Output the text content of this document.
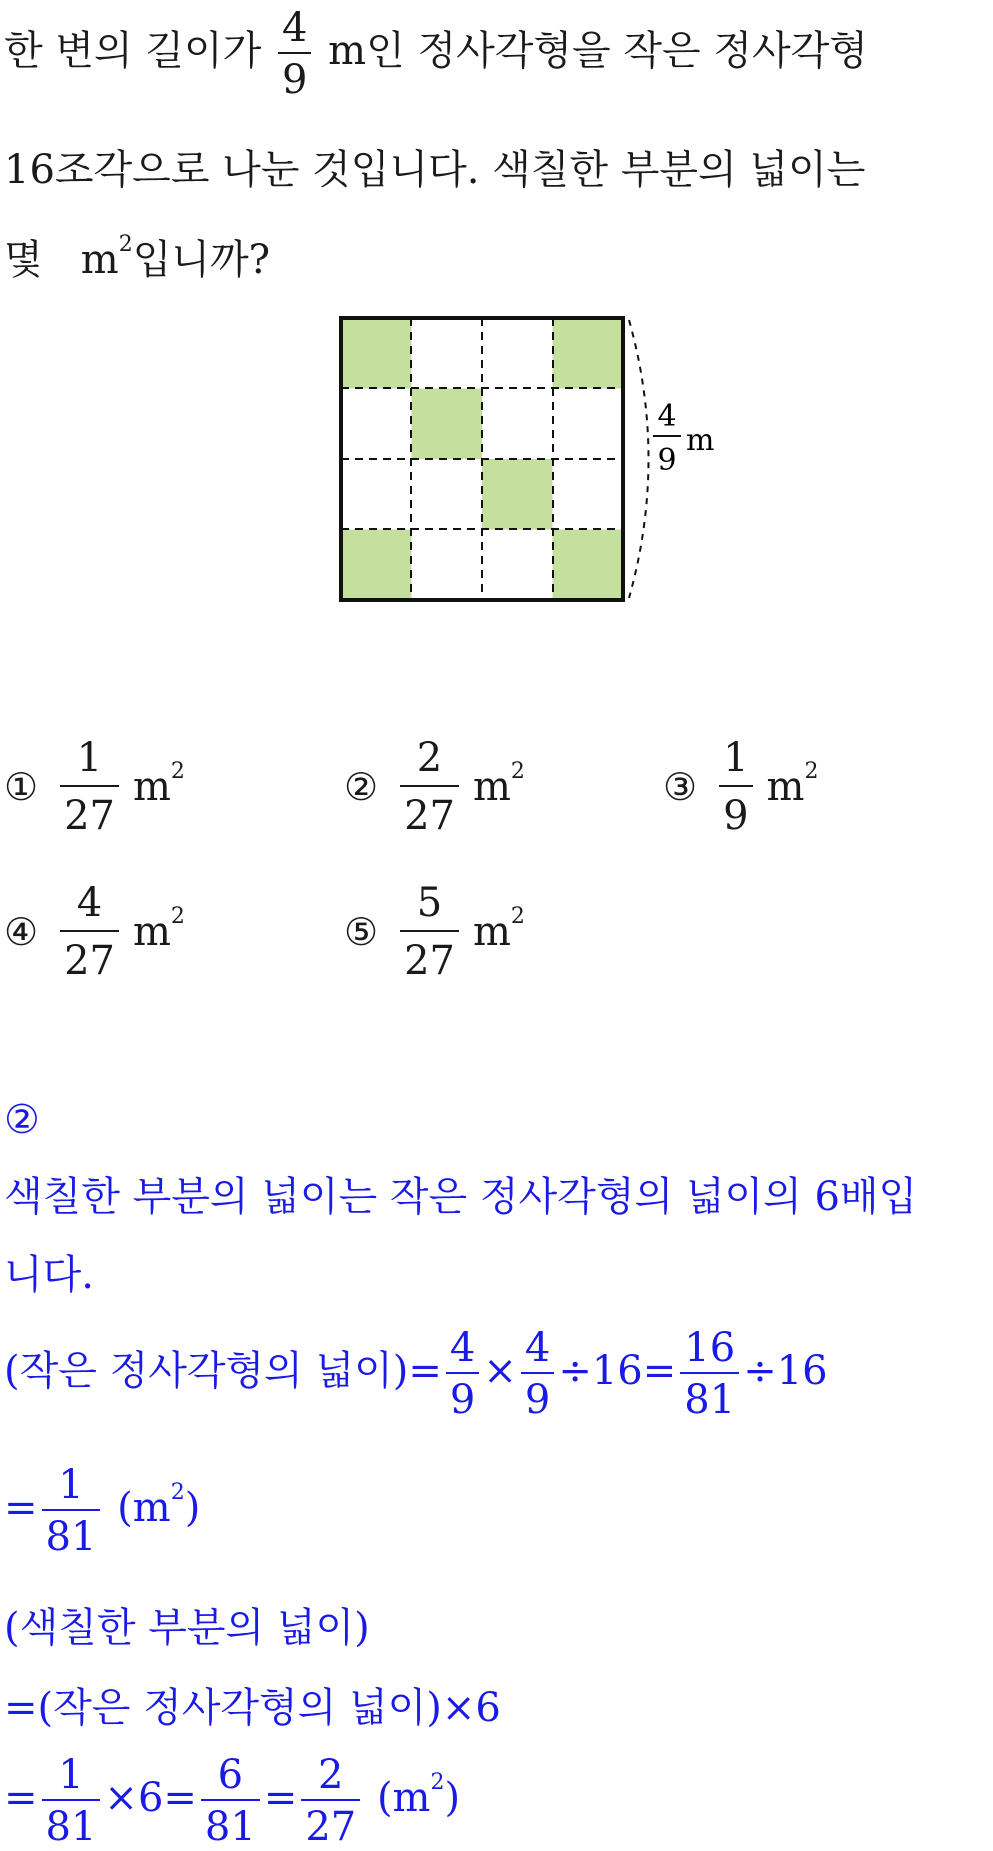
한 변의 길이가 $\frac{4}{9}$ m인 정사각형을 작은 정사각형
16조각으로 나눈 것입니다. 색칠한 부분의 넓이는
몇 $m^2$입니까?
4
9
m
① $\frac{1}{27} m^2$	② $\frac{2}{27} m^2$	③ $\frac{1}{9} m^2$
④ $\frac{4}{27} m^2$	⑤ $\frac{5}{27} m^2$
②
색칠한 부분의 넓이는 작은 정사각형의 넓이의 6배입
니다.
(작은 정사각형의 넓이)= $\frac{4}{9} \times \frac{4}{9} \div 16= \frac{16}{81} \div 16$
= $\frac{1}{81} (m^2)$
(색칠한 부분의 넓이)
=(작은 정사각형의 넓이)×6
= $\frac{1}{81} \times 6= \frac{6}{81} = \frac{2}{27} (m^2)$
